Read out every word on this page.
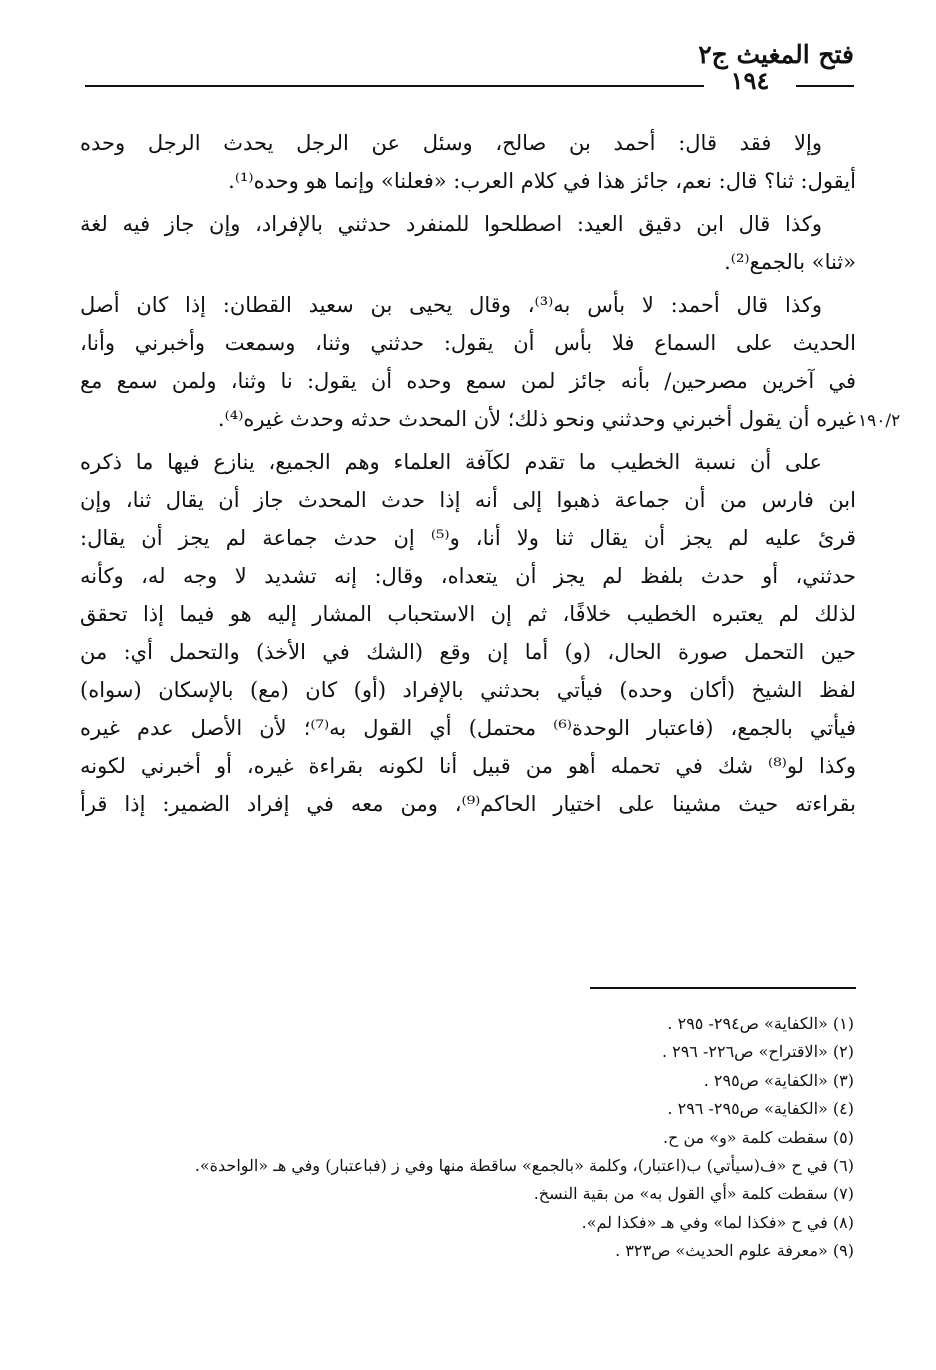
فتح المغيث ج٢
١٩٤
١٩٠/٢
وإلا فقد قال: أحمد بن صالح، وسئل عن الرجل يحدث الرجل وحده
أيقول: ثنا؟ قال: نعم، جائز هذا في كلام العرب: «فعلنا» وإنما هو وحده⁽¹⁾.
وكذا قال ابن دقيق العيد: اصطلحوا للمنفرد حدثني بالإفراد، وإن جاز فيه لغة
«ثنا» بالجمع⁽²⁾.
وكذا قال أحمد: لا بأس به⁽³⁾، وقال يحيى بن سعيد القطان: إذا كان أصل
الحديث على السماع فلا بأس أن يقول: حدثني وثنا، وسمعت وأخبرني وأنا،
في آخرين مصرحين/ بأنه جائز لمن سمع وحده أن يقول: نا وثنا، ولمن سمع مع
غيره أن يقول أخبرني وحدثني ونحو ذلك؛ لأن المحدث حدثه وحدث غيره⁽⁴⁾.
على أن نسبة الخطيب ما تقدم لكآفة العلماء وهم الجميع، ينازع فيها ما ذكره
ابن فارس من أن جماعة ذهبوا إلى أنه إذا حدث المحدث جاز أن يقال ثنا، وإن
قرئ عليه لم يجز أن يقال ثنا ولا أنا، و⁽⁵⁾ إن حدث جماعة لم يجز أن يقال:
حدثني، أو حدث بلفظ لم يجز أن يتعداه، وقال: إنه تشديد لا وجه له، وكأنه
لذلك لم يعتبره الخطيب خلافًا، ثم إن الاستحباب المشار إليه هو فيما إذا تحقق
حين التحمل صورة الحال، (و) أما إن وقع (الشك في الأخذ) والتحمل أي: من
لفظ الشيخ (أكان وحده) فيأتي بحدثني بالإفراد (أو) كان (مع) بالإسكان (سواه)
فيأتي بالجمع، (فاعتبار الوحدة⁽⁶⁾ محتمل) أي القول به⁽⁷⁾؛ لأن الأصل عدم غيره
وكذا لو⁽⁸⁾ شك في تحمله أهو من قبيل أنا لكونه بقراءة غيره، أو أخبرني لكونه
بقراءته حيث مشينا على اختيار الحاكم⁽⁹⁾، ومن معه في إفراد الضمير: إذا قرأ
(١) «الكفاية» ص٢٩٤- ٢٩٥ .
(٢) «الاقتراح» ص٢٢٦- ٢٩٦ .
(٣) «الكفاية» ص٢٩٥ .
(٤) «الكفاية» ص٢٩٥- ٢٩٦ .
(٥) سقطت كلمة «و» من ح.
(٦) في ح «ف(سيأتي) ب(اعتبار)، وكلمة «بالجمع» ساقطة منها وفي ز (فباعتبار) وفي هـ «الواحدة».
(٧) سقطت كلمة «أي القول به» من بقية النسخ.
(٨) في ح «فكذا لما» وفي هـ «فكذا لم».
(٩) «معرفة علوم الحديث» ص٣٢٣ .
